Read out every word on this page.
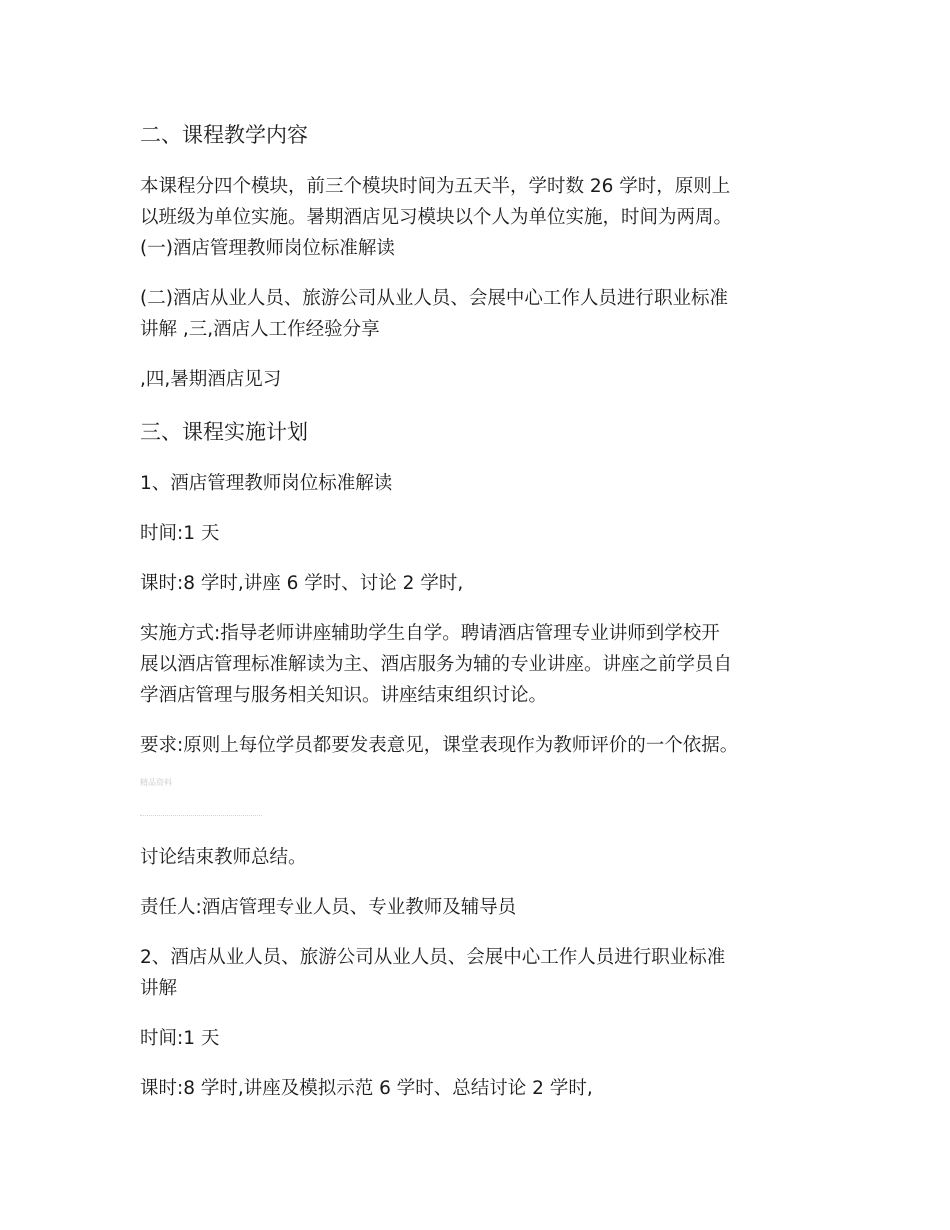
二、课程教学内容
本课程分四个模块，前三个模块时间为五天半，学时数 26 学时，原则上
以班级为单位实施。暑期酒店见习模块以个人为单位实施，时间为两周。
(一)酒店管理教师岗位标准解读
(二)酒店从业人员、旅游公司从业人员、会展中心工作人员进行职业标准
讲解 ,三,酒店人工作经验分享
,四,暑期酒店见习
三、课程实施计划
1、酒店管理教师岗位标准解读
时间:1 天
课时:8 学时,讲座 6 学时、讨论 2 学时,
实施方式:指导老师讲座辅助学生自学。聘请酒店管理专业讲师到学校开
展以酒店管理标准解读为主、酒店服务为辅的专业讲座。讲座之前学员自
学酒店管理与服务相关知识。讲座结束组织讨论。
要求:原则上每位学员都要发表意见，课堂表现作为教师评价的一个依据。
精品资料
讨论结束教师总结。
责任人:酒店管理专业人员、专业教师及辅导员
2、酒店从业人员、旅游公司从业人员、会展中心工作人员进行职业标准
讲解
时间:1 天
课时:8 学时,讲座及模拟示范 6 学时、总结讨论 2 学时,
